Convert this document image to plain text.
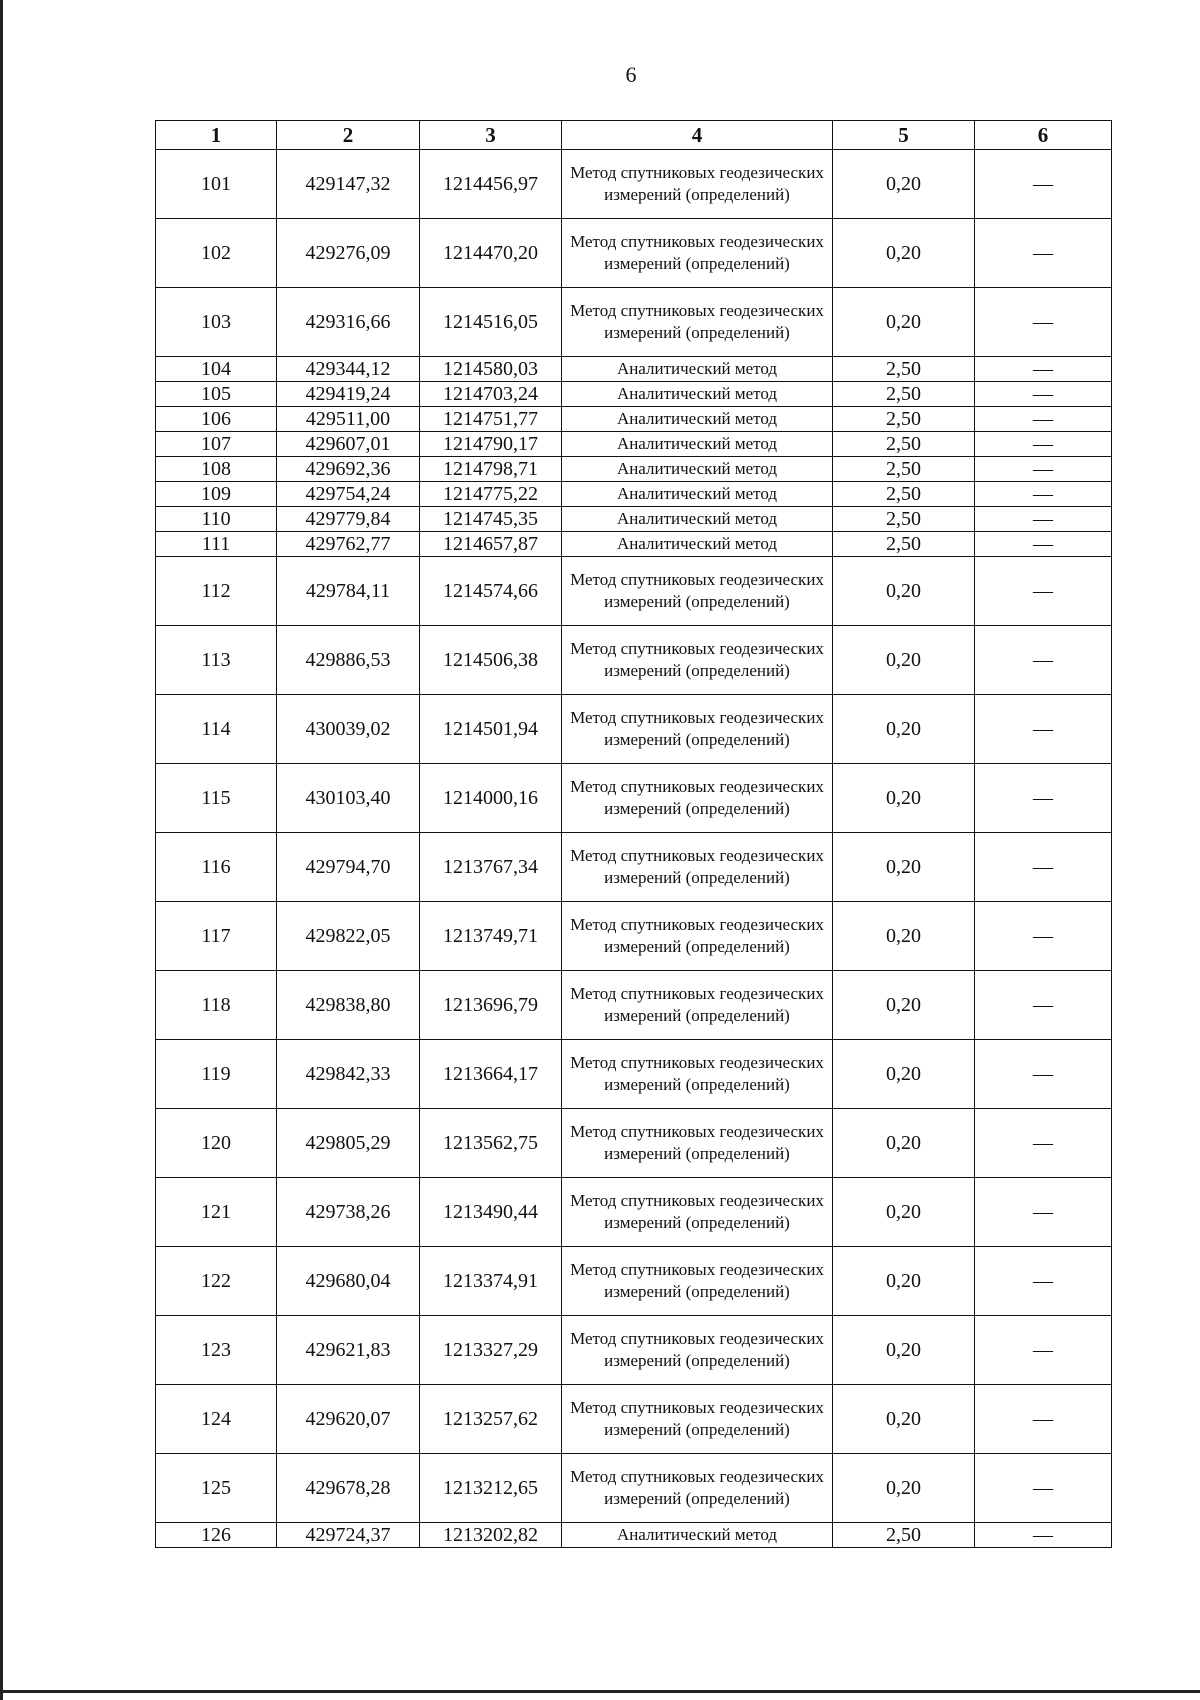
6
1	2	3	4	5	6
101	429147,32	1214456,97	Метод спутниковых геодезических измерений (определений)	0,20	—
102	429276,09	1214470,20	Метод спутниковых геодезических измерений (определений)	0,20	—
103	429316,66	1214516,05	Метод спутниковых геодезических измерений (определений)	0,20	—
104	429344,12	1214580,03	Аналитический метод	2,50	—
105	429419,24	1214703,24	Аналитический метод	2,50	—
106	429511,00	1214751,77	Аналитический метод	2,50	—
107	429607,01	1214790,17	Аналитический метод	2,50	—
108	429692,36	1214798,71	Аналитический метод	2,50	—
109	429754,24	1214775,22	Аналитический метод	2,50	—
110	429779,84	1214745,35	Аналитический метод	2,50	—
111	429762,77	1214657,87	Аналитический метод	2,50	—
112	429784,11	1214574,66	Метод спутниковых геодезических измерений (определений)	0,20	—
113	429886,53	1214506,38	Метод спутниковых геодезических измерений (определений)	0,20	—
114	430039,02	1214501,94	Метод спутниковых геодезических измерений (определений)	0,20	—
115	430103,40	1214000,16	Метод спутниковых геодезических измерений (определений)	0,20	—
116	429794,70	1213767,34	Метод спутниковых геодезических измерений (определений)	0,20	—
117	429822,05	1213749,71	Метод спутниковых геодезических измерений (определений)	0,20	—
118	429838,80	1213696,79	Метод спутниковых геодезических измерений (определений)	0,20	—
119	429842,33	1213664,17	Метод спутниковых геодезических измерений (определений)	0,20	—
120	429805,29	1213562,75	Метод спутниковых геодезических измерений (определений)	0,20	—
121	429738,26	1213490,44	Метод спутниковых геодезических измерений (определений)	0,20	—
122	429680,04	1213374,91	Метод спутниковых геодезических измерений (определений)	0,20	—
123	429621,83	1213327,29	Метод спутниковых геодезических измерений (определений)	0,20	—
124	429620,07	1213257,62	Метод спутниковых геодезических измерений (определений)	0,20	—
125	429678,28	1213212,65	Метод спутниковых геодезических измерений (определений)	0,20	—
126	429724,37	1213202,82	Аналитический метод	2,50	—
